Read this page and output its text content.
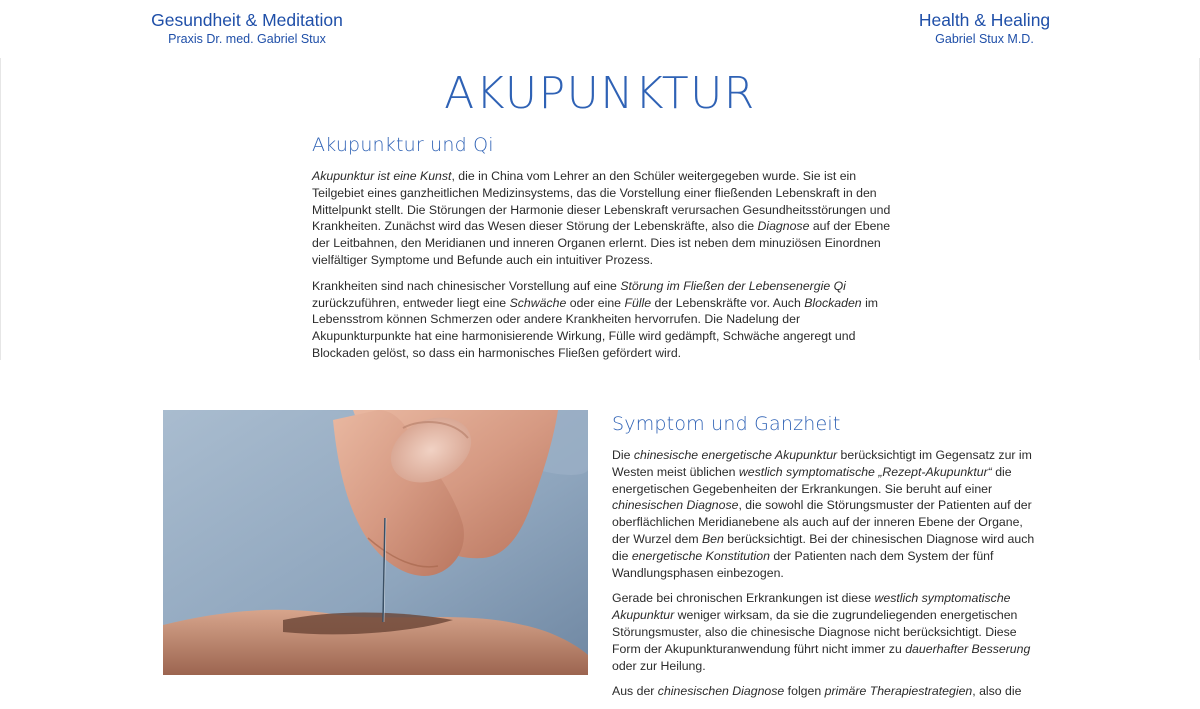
Gesundheit & Meditation
Praxis Dr. med. Gabriel Stux
Health & Healing
Gabriel Stux M.D.
AKUPUNKTUR
Akupunktur und Qi

Akupunktur ist eine Kunst, die in China vom Lehrer an den Schüler weitergegeben wurde. Sie ist ein Teilgebiet eines ganzheitlichen Medizinsystems, das die Vorstellung einer fließenden Lebenskraft in den Mittelpunkt stellt. Die Störungen der Harmonie dieser Lebenskraft verursachen Gesundheitsstörungen und Krankheiten. Zunächst wird das Wesen dieser Störung der Lebenskräfte, also die Diagnose auf der Ebene der Leitbahnen, den Meridianen und inneren Organen erlernt. Dies ist neben dem minuziösen Einordnen vielfältiger Symptome und Befunde auch ein intuitiver Prozess.

Krankheiten sind nach chinesischer Vorstellung auf eine Störung im Fließen der Lebensenergie Qi zurückzuführen, entweder liegt eine Schwäche oder eine Fülle der Lebenskräfte vor. Auch Blockaden im Lebensstrom können Schmerzen oder andere Krankheiten hervorrufen. Die Nadelung der Akupunkturpunkte hat eine harmonisierende Wirkung, Fülle wird gedämpft, Schwäche angeregt und Blockaden gelöst, so dass ein harmonisches Fließen gefördert wird.

Symptom und Ganzheit

Die chinesische energetische Akupunktur berücksichtigt im Gegensatz zur im Westen meist üblichen westlich symptomatische „Rezept-Akupunktur“ die energetischen Gegebenheiten der Erkrankungen. Sie beruht auf einer chinesischen Diagnose, die sowohl die Störungsmuster der Patienten auf der oberflächlichen Meridianebene als auch auf der inneren Ebene der Organe, der Wurzel dem Ben berücksichtigt. Bei der chinesischen Diagnose wird auch die energetische Konstitution der Patienten nach dem System der fünf Wandlungsphasen einbezogen.

Gerade bei chronischen Erkrankungen ist diese westlich symptomatische Akupunktur weniger wirksam, da sie die zugrundeliegenden energetischen Störungsmuster, also die chinesische Diagnose nicht berücksichtigt. Diese Form der Akupunkturanwendung führt nicht immer zu dauerhafter Besserung oder zur Heilung.

Aus der chinesischen Diagnose folgen primäre Therapiestrategien, also die
